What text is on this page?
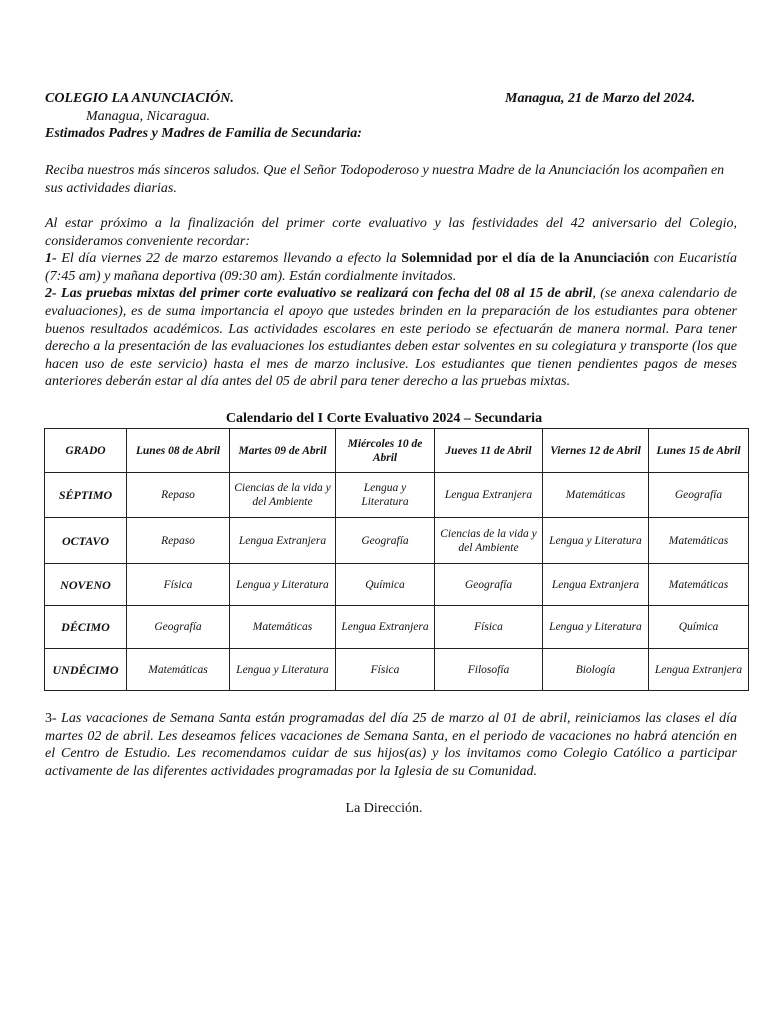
COLEGIO LA ANUNCIACIÓN.	Managua, 21 de Marzo del 2024.
Managua, Nicaragua.
Estimados Padres y Madres de Familia de Secundaria:

Reciba nuestros más sinceros saludos. Que el Señor Todopoderoso y nuestra Madre de la Anunciación los acompañen en sus actividades diarias.

Al estar próximo a la finalización del primer corte evaluativo y las festividades del 42 aniversario del Colegio, consideramos conveniente recordar:
1- El día viernes 22 de marzo estaremos llevando a efecto la Solemnidad por el día de la Anunciación con Eucaristía (7:45 am) y mañana deportiva (09:30 am). Están cordialmente invitados.
2- Las pruebas mixtas del primer corte evaluativo se realizará con fecha del 08 al 15 de abril, (se anexa calendario de evaluaciones), es de suma importancia el apoyo que ustedes brinden en la preparación de los estudiantes para obtener buenos resultados académicos. Las actividades escolares en este periodo se efectuarán de manera normal. Para tener derecho a la presentación de las evaluaciones los estudiantes deben estar solventes en su colegiatura y transporte (los que hacen uso de este servicio) hasta el mes de marzo inclusive. Los estudiantes que tienen pendientes pagos de meses anteriores deberán estar al día antes del 05 de abril para tener derecho a las pruebas mixtas.
Calendario del I Corte Evaluativo 2024 – Secundaria
GRADO	Lunes 08 de Abril	Martes 09 de Abril	Miércoles 10 de Abril	Jueves 11 de Abril	Viernes 12 de Abril	Lunes 15 de Abril
SÉPTIMO	Repaso	Ciencias de la vida y del Ambiente	Lengua y Literatura	Lengua Extranjera	Matemáticas	Geografía
OCTAVO	Repaso	Lengua Extranjera	Geografía	Ciencias de la vida y del Ambiente	Lengua y Literatura	Matemáticas
NOVENO	Física	Lengua y Literatura	Química	Geografía	Lengua Extranjera	Matemáticas
DÉCIMO	Geografía	Matemáticas	Lengua Extranjera	Física	Lengua y Literatura	Química
UNDÉCIMO	Matemáticas	Lengua y Literatura	Física	Filosofía	Biología	Lengua Extranjera

3- Las vacaciones de Semana Santa están programadas del día 25 de marzo al 01 de abril, reiniciamos las clases el día martes 02 de abril. Les deseamos felices vacaciones de Semana Santa, en el periodo de vacaciones no habrá atención en el Centro de Estudio. Les recomendamos cuidar de sus hijos(as) y los invitamos como Colegio Católico a participar activamente de las diferentes actividades programadas por la Iglesia de su Comunidad.

La Dirección.
